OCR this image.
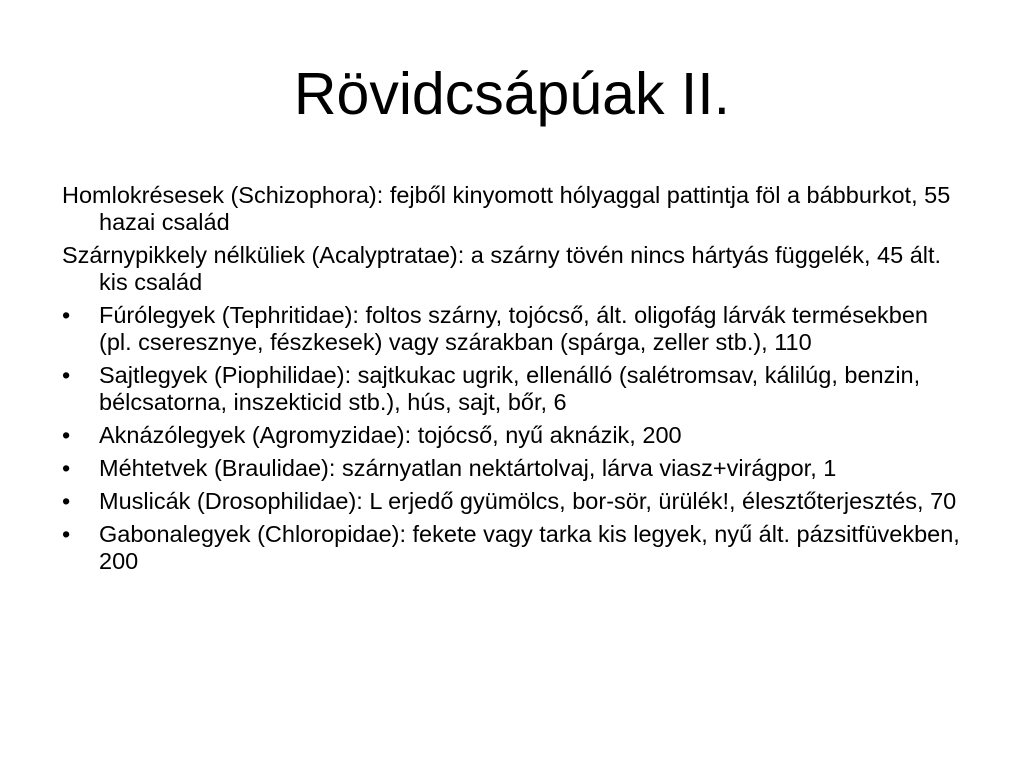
Rövidcsápúak II.

Homlokrésesek (Schizophora): fejből kinyomott hólyaggal pattintja föl a bábburkot, 55 hazai család

Szárnypikkely nélküliek (Acalyptratae): a szárny tövén nincs hártyás függelék, 45 ált. kis család

•	Fúrólegyek (Tephritidae): foltos szárny, tojócső, ált. oligofág lárvák termésekben (pl. cseresznye, fészkesek) vagy szárakban (spárga, zeller stb.), 110
•	Sajtlegyek (Piophilidae): sajtkukac ugrik, ellenálló (salétromsav, kálilúg, benzin, bélcsatorna, inszekticid stb.), hús, sajt, bőr, 6
•	Aknázólegyek (Agromyzidae): tojócső, nyű aknázik, 200
•	Méhtetvek (Braulidae): szárnyatlan nektártolvaj, lárva viasz+virágpor, 1
•	Muslicák (Drosophilidae): L erjedő gyümölcs, bor-sör, ürülék!, élesztőterjesztés, 70
•	Gabonalegyek (Chloropidae): fekete vagy tarka kis legyek, nyű ált. pázsitfüvekben, 200
